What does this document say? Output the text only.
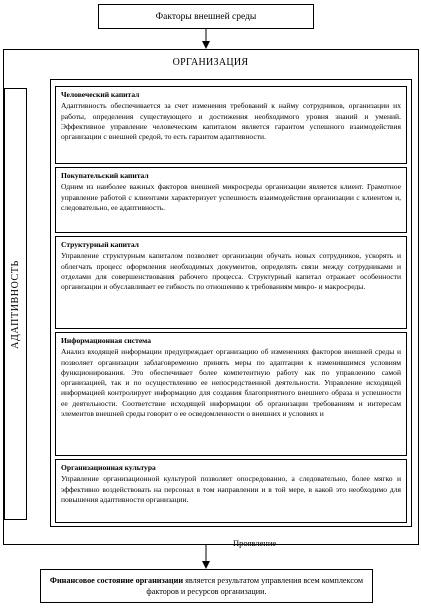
Факторы внешней среды
ОРГАНИЗАЦИЯ
АДАПТИВНОСТЬ
Человеческий капитал
Адаптивность обеспечивается за счет изменения требований к найму сотрудников, организации их работы, определения существующего и достижения необходимого уровня знаний и умений. Эффективное управление человеческим капиталом является гарантом успешного взаимодействия организации с внешней средой, то есть гарантом адаптивности.
Покупательский капитал
Одним из наиболее важных факторов внешней микросреды организации является клиент. Грамотное управление работой с клиентами характеризует успешность взаимодействия организации с клиентом и, следовательно, ее адаптивность.
Структурный капитал
Управление структурным капиталом позволяет организации обучать новых сотрудников, ускорять и облегчать процесс оформления необходимых документов, определять связи между сотрудниками и отделами для совершенствования рабочего процесса. Структурный капитал отражает особенности организации и обуславливает ее гибкость по отношению к требованиям микро- и макросреды.
Информационная система
Анализ входящей информации предупреждает организацию об изменениях факторов внешней среды и позволяет организации заблаговременно принять меры по адаптации к изменившимся условиям функционирования. Это обеспечивает более компетентную работу как по управлению самой организацией, так и по осуществлению ее непосредственной деятельности. Управление исходящей информацией контролирует информацию для создания благоприятного внешнего образа и успешности ее деятельности. Соответствие исходящей информации об организации требованиям и интересам элементов внешней среды говорит о ее осведомленности о внешних и условиях и
Организационная культура
Управление организационной культурой позволяет опосредованно, а следовательно, более мягко и эффективно воздействовать на персонал в том направлении и в той мере, в какой это необходимо для повышения адаптивности организации.
Проявление
Финансовое состояние организации является результатом управления всем комплексом факторов и ресурсов организации.
